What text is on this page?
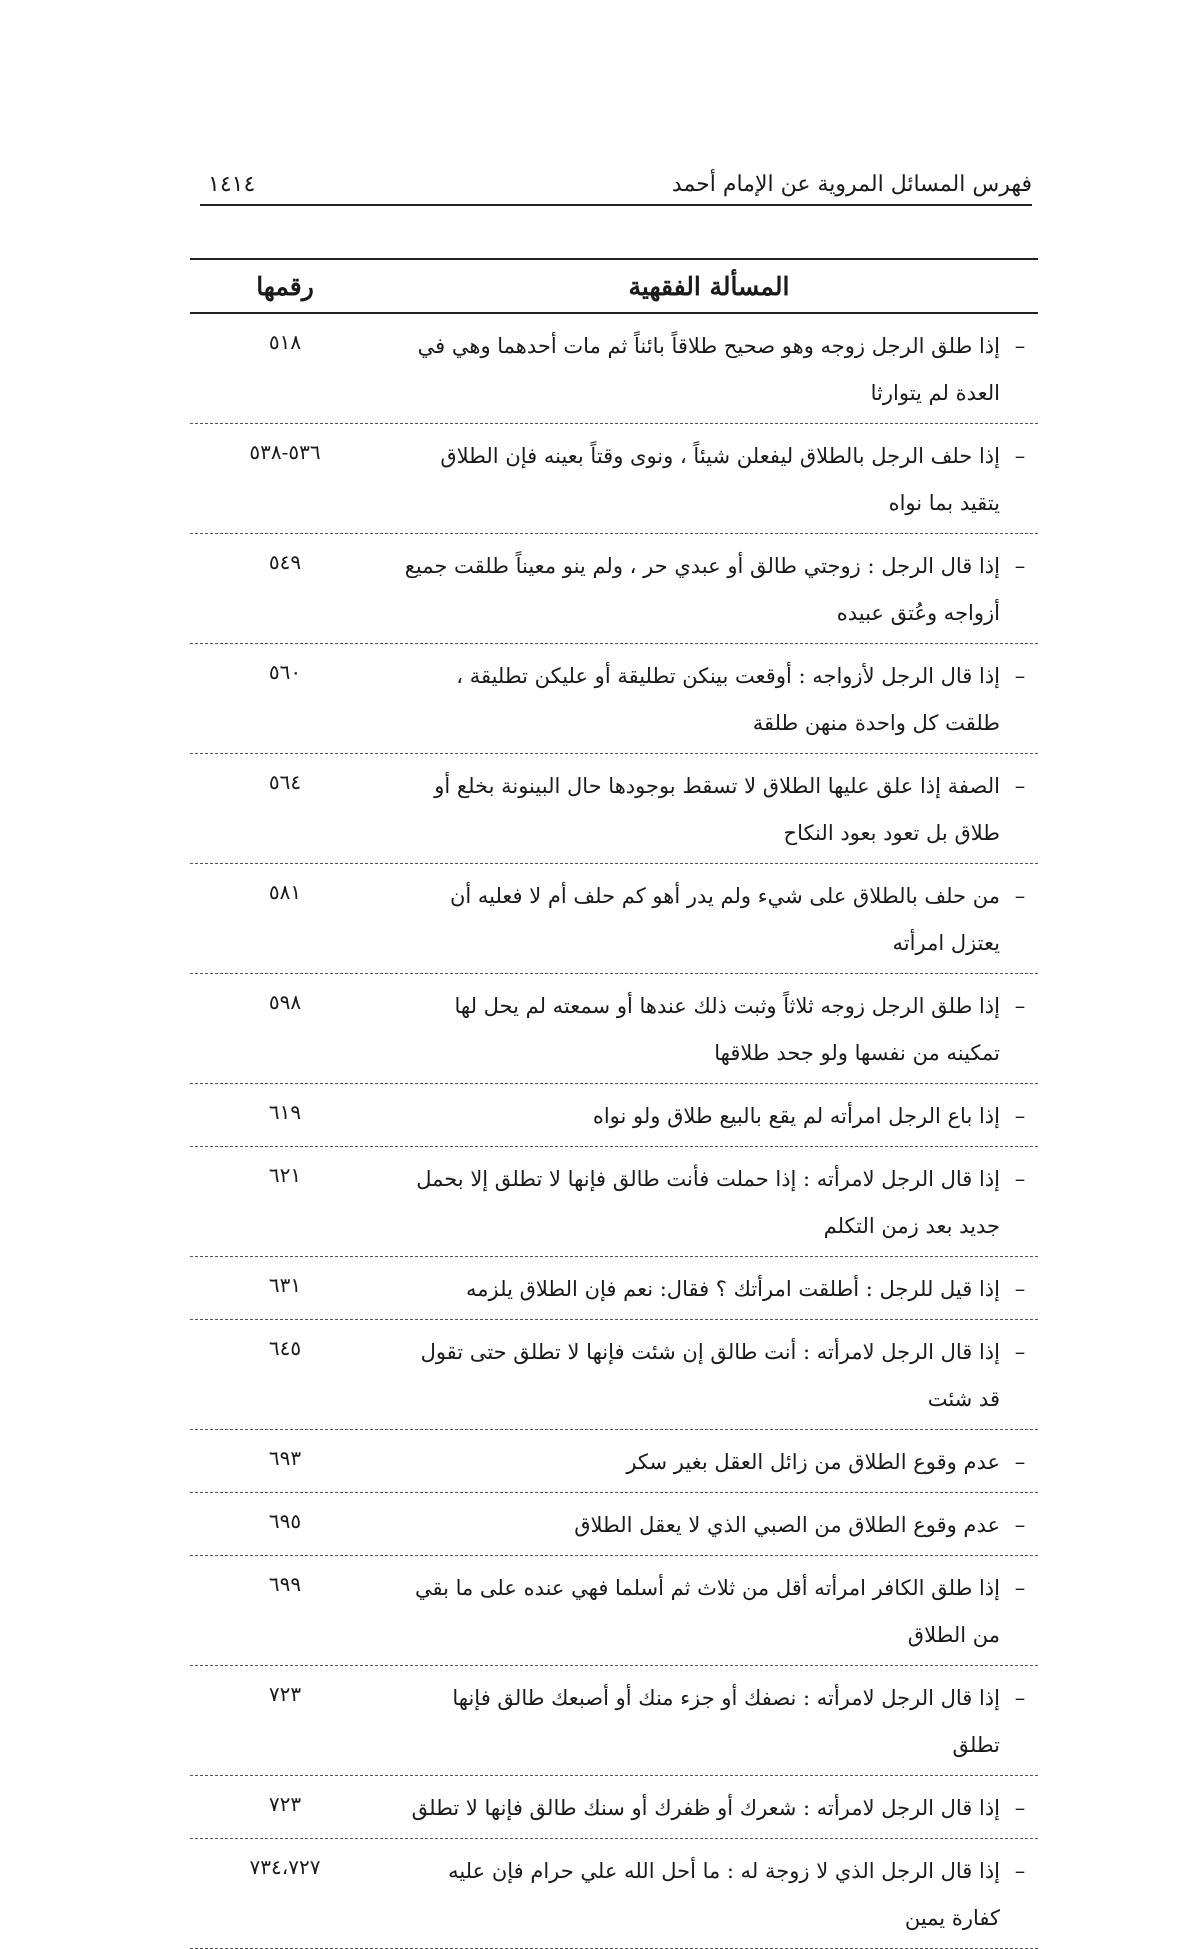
فهرس المسائل المروية عن الإمام أحمد
١٤١٤
المسألة الفقهية
رقمها
–
إذا طلق الرجل زوجه وهو صحيح طلاقاً بائناً ثم مات أحدهما وهي في العدة لم يتوارثا
٥١٨
–
إذا حلف الرجل بالطلاق ليفعلن شيئاً ، ونوى وقتاً بعينه فإن الطلاق يتقيد بما نواه
٥٣٦-٥٣٨
–
إذا قال الرجل : زوجتي طالق أو عبدي حر ، ولم ينو معيناً طلقت جميع أزواجه وعُتق عبيده
٥٤٩
–
إذا قال الرجل لأزواجه : أوقعت بينكن تطليقة أو عليكن تطليقة ، طلقت كل واحدة منهن طلقة
٥٦٠
–
الصفة إذا علق عليها الطلاق لا تسقط بوجودها حال البينونة بخلع أو طلاق بل تعود بعود النكاح
٥٦٤
–
من حلف بالطلاق على شيء ولم يدر أهو كم حلف أم لا فعليه أن يعتزل امرأته
٥٨١
–
إذا طلق الرجل زوجه ثلاثاً وثبت ذلك عندها أو سمعته لم يحل لها تمكينه من نفسها ولو جحد طلاقها
٥٩٨
–
إذا باع الرجل امرأته لم يقع بالبيع طلاق ولو نواه
٦١٩
–
إذا قال الرجل لامرأته : إذا حملت فأنت طالق فإنها لا تطلق إلا بحمل جديد بعد زمن التكلم
٦٢١
–
إذا قيل للرجل : أطلقت امرأتك ؟ فقال: نعم فإن الطلاق يلزمه
٦٣١
–
إذا قال الرجل لامرأته : أنت طالق إن شئت فإنها لا تطلق حتى تقول قد شئت
٦٤٥
–
عدم وقوع الطلاق من زائل العقل بغير سكر
٦٩٣
–
عدم وقوع الطلاق من الصبي الذي لا يعقل الطلاق
٦٩٥
–
إذا طلق الكافر امرأته أقل من ثلاث ثم أسلما فهي عنده على ما بقي من الطلاق
٦٩٩
–
إذا قال الرجل لامرأته : نصفك أو جزء منك أو أصبعك طالق فإنها تطلق
٧٢٣
–
إذا قال الرجل لامرأته : شعرك أو ظفرك أو سنك طالق فإنها لا تطلق
٧٢٣
–
إذا قال الرجل الذي لا زوجة له : ما أحل الله علي حرام فإن عليه كفارة يمين
٧٣٤،٧٢٧
